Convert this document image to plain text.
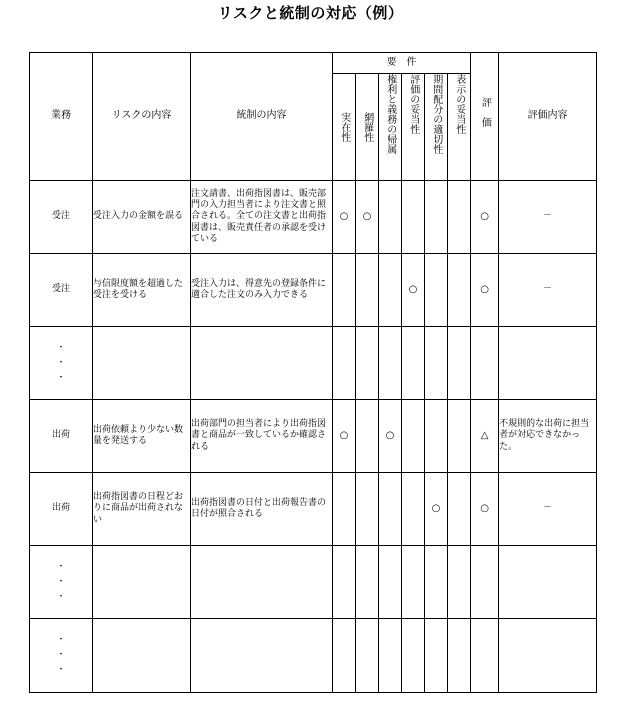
リスクと統制の対応（例）
業務	リスクの内容	統制の内容	要　件						評価	評価内容

			実在性	網羅性	権利と義務の帰属	評価の妥当性	期間配分の適切性	表示の妥当性		

受注	受注入力の金額を誤る	注文請書、出荷指図書は、販売部門の入力担当者により注文書と照合される。全ての注文書と出荷指図書は、販売責任者の承認を受けている	○	○					○	－
受注	与信限度額を超過した受注を受ける	受注入力は、得意先の登録条件に適合した注文のみ入力できる				○			○	－

・
・
・										

出荷	出荷依頼より少ない数量を発送する	出荷部門の担当者により出荷指図書と商品が一致しているか確認される	○		○				△	不規則的な出荷に担当者が対応できなかった。
出荷	出荷指図書の日程どおりに商品が出荷されない	出荷指図書の日付と出荷報告書の日付が照合される					○		○	－

・
・
・										

・
・
・										
